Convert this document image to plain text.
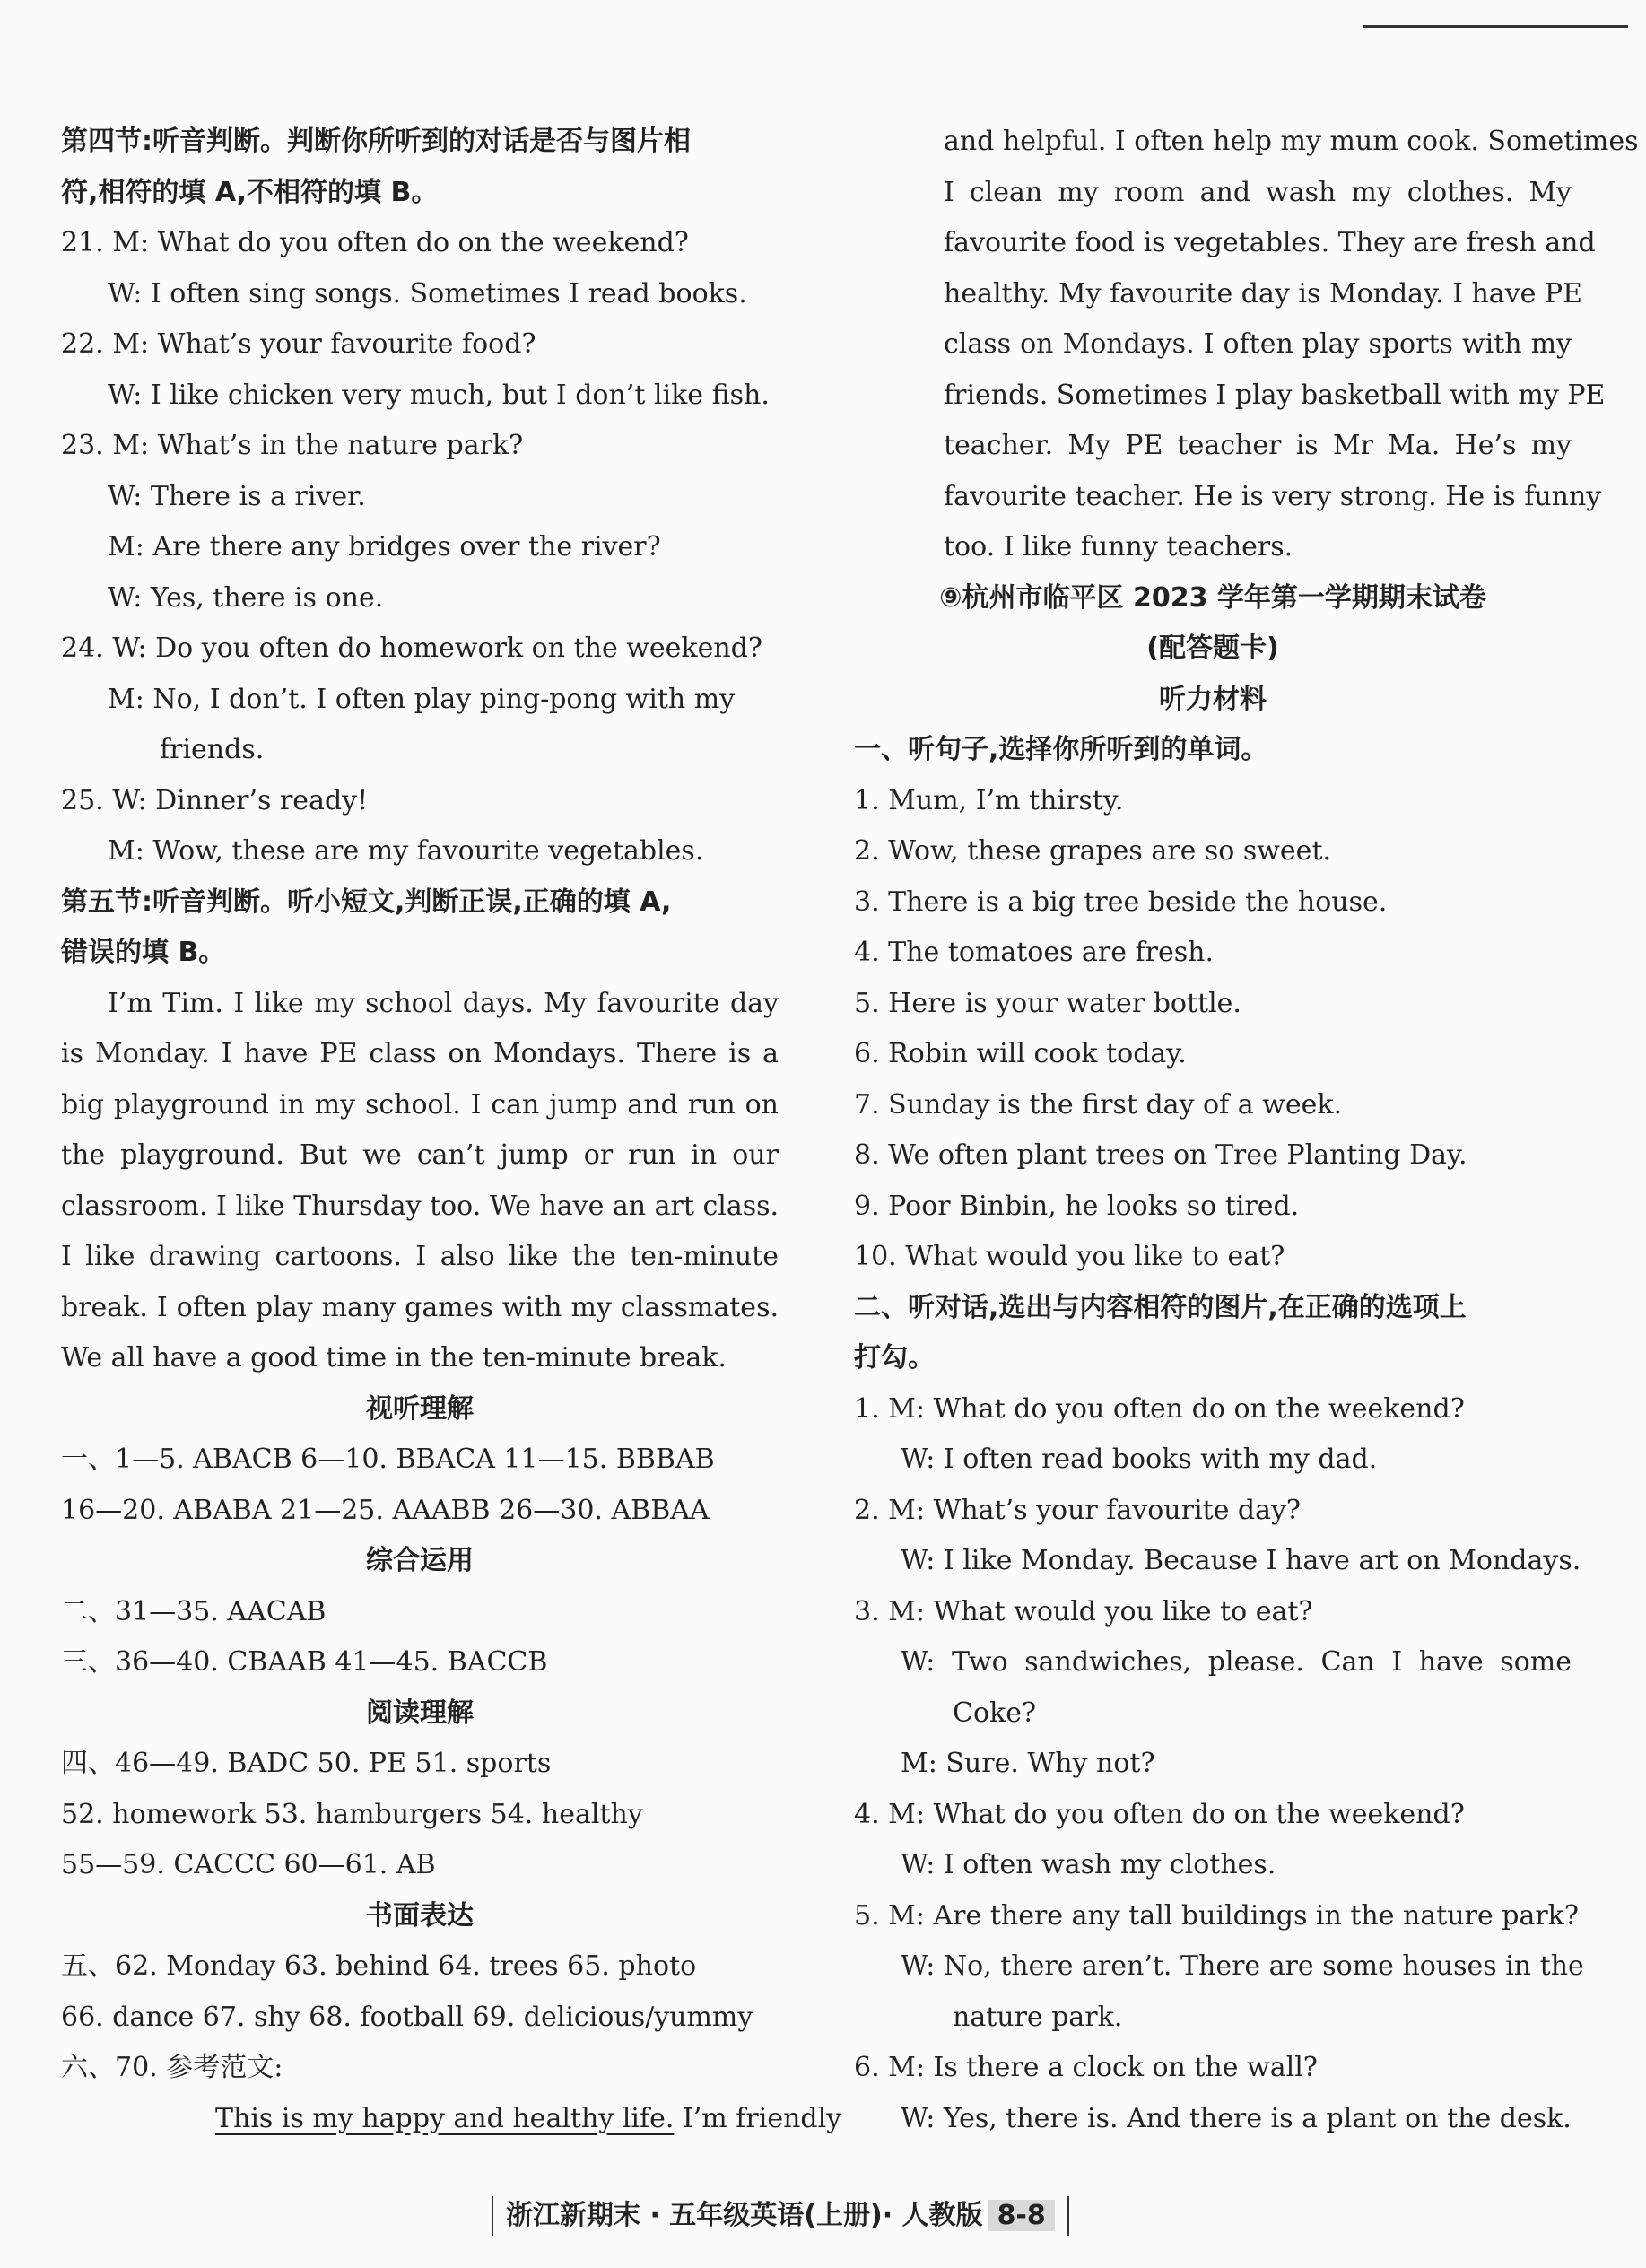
第四节:听音判断。判断你所听到的对话是否与图片相
符,相符的填 A,不相符的填 B。
21. M: What do you often do on the weekend?
W: I often sing songs. Sometimes I read books.
22. M: What’s your favourite food?
W: I like chicken very much, but I don’t like fish.
23. M: What’s in the nature park?
W: There is a river.
M: Are there any bridges over the river?
W: Yes, there is one.
24. W: Do you often do homework on the weekend?
M: No, I don’t. I often play ping-pong with my
friends.
25. W: Dinner’s ready!
M: Wow, these are my favourite vegetables.
第五节:听音判断。听小短文,判断正误,正确的填 A,
错误的填 B。
I’m Tim. I like my school days. My favourite day
is Monday. I have PE class on Mondays. There is a
big playground in my school. I can jump and run on
the playground. But we can’t jump or run in our
classroom. I like Thursday too. We have an art class.
I like drawing cartoons. I also like the ten-minute
break. I often play many games with my classmates.
We all have a good time in the ten-minute break.
视听理解
一、1—5. ABACB 6—10. BBACA 11—15. BBBAB
16—20. ABABA 21—25. AAABB 26—30. ABBAA
综合运用
二、31—35. AACAB
三、36—40. CBAAB 41—45. BACCB
阅读理解
四、46—49. BADC 50. PE 51. sports
52. homework 53. hamburgers 54. healthy
55—59. CACCC 60—61. AB
书面表达
五、62. Monday 63. behind 64. trees 65. photo
66. dance 67. shy 68. football 69. delicious/yummy
六、70. 参考范文:
This is my happy and healthy life. I’m friendly
and helpful. I often help my mum cook. Sometimes
I clean my room and wash my clothes. My
favourite food is vegetables. They are fresh and
healthy. My favourite day is Monday. I have PE
class on Mondays. I often play sports with my
friends. Sometimes I play basketball with my PE
teacher. My PE teacher is Mr Ma. He’s my
favourite teacher. He is very strong. He is funny
too. I like funny teachers.
⑨杭州市临平区 2023 学年第一学期期末试卷
(配答题卡)
听力材料
一、听句子,选择你所听到的单词。
1. Mum, I’m thirsty.
2. Wow, these grapes are so sweet.
3. There is a big tree beside the house.
4. The tomatoes are fresh.
5. Here is your water bottle.
6. Robin will cook today.
7. Sunday is the first day of a week.
8. We often plant trees on Tree Planting Day.
9. Poor Binbin, he looks so tired.
10. What would you like to eat?
二、听对话,选出与内容相符的图片,在正确的选项上
打勾。
1. M: What do you often do on the weekend?
W: I often read books with my dad.
2. M: What’s your favourite day?
W: I like Monday. Because I have art on Mondays.
3. M: What would you like to eat?
W: Two sandwiches, please. Can I have some
Coke?
M: Sure. Why not?
4. M: What do you often do on the weekend?
W: I often wash my clothes.
5. M: Are there any tall buildings in the nature park?
W: No, there aren’t. There are some houses in the
nature park.
6. M: Is there a clock on the wall?
W: Yes, there is. And there is a plant on the desk.
浙江新期末 · 五年级英语(上册)· 人教版 8-8
